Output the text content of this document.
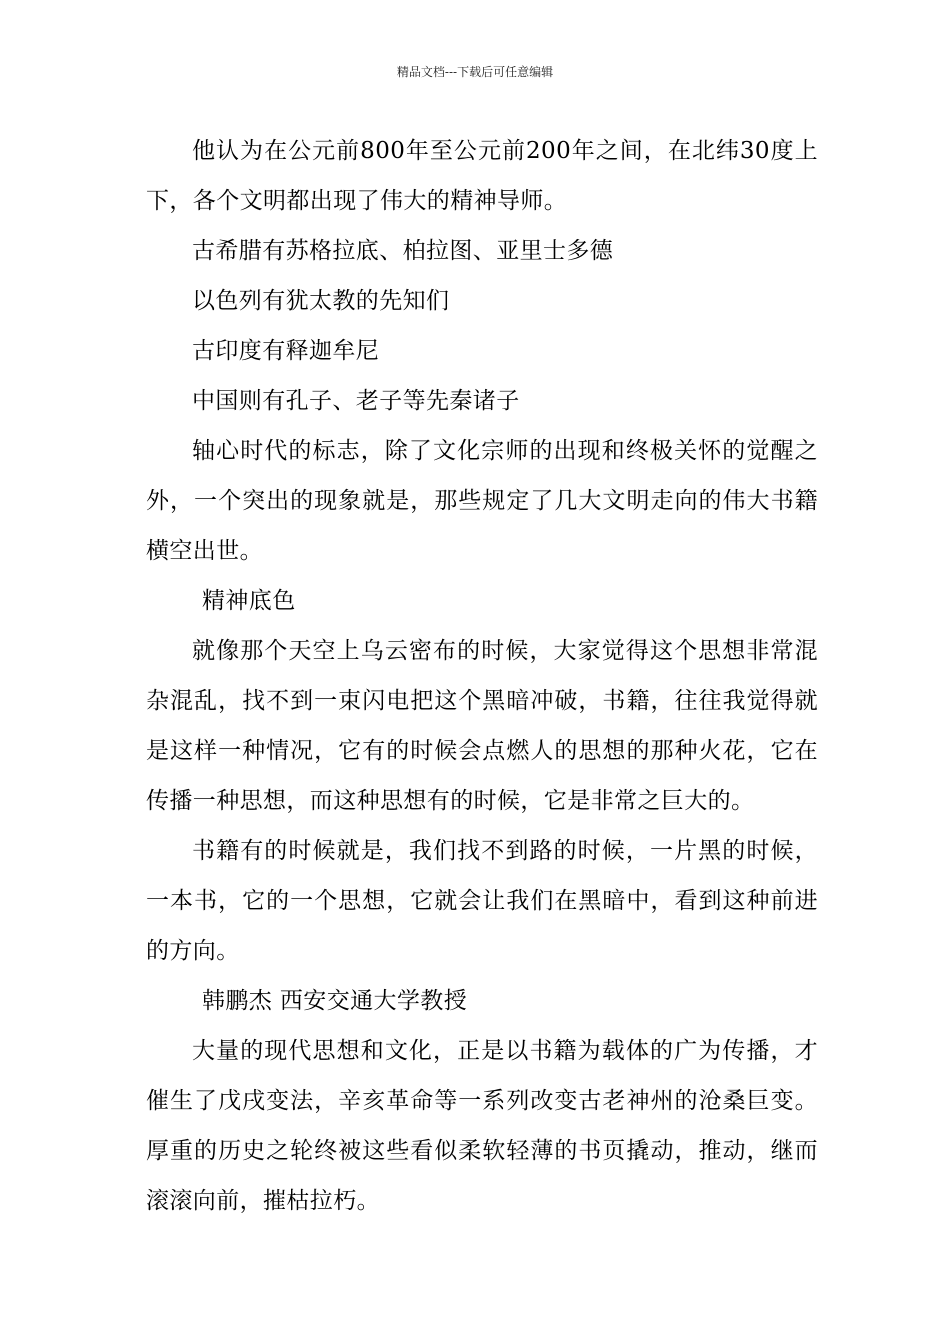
精品文档---下载后可任意编辑

他认为在公元前800年至公元前200年之间，在北纬30度上下，各个文明都出现了伟大的精神导师。

古希腊有苏格拉底、柏拉图、亚里士多德

以色列有犹太教的先知们

古印度有释迦牟尼

中国则有孔子、老子等先秦诸子

轴心时代的标志，除了文化宗师的出现和终极关怀的觉醒之外，一个突出的现象就是，那些规定了几大文明走向的伟大书籍横空出世。

精神底色

就像那个天空上乌云密布的时候，大家觉得这个思想非常混杂混乱，找不到一束闪电把这个黑暗冲破，书籍，往往我觉得就是这样一种情况，它有的时候会点燃人的思想的那种火花，它在传播一种思想，而这种思想有的时候，它是非常之巨大的。

书籍有的时候就是，我们找不到路的时候，一片黑的时候，一本书，它的一个思想，它就会让我们在黑暗中，看到这种前进的方向。

韩鹏杰 西安交通大学教授

大量的现代思想和文化，正是以书籍为载体的广为传播，才催生了戊戌变法，辛亥革命等一系列改变古老神州的沧桑巨变。厚重的历史之轮终被这些看似柔软轻薄的书页撬动，推动，继而滚滚向前，摧枯拉朽。
